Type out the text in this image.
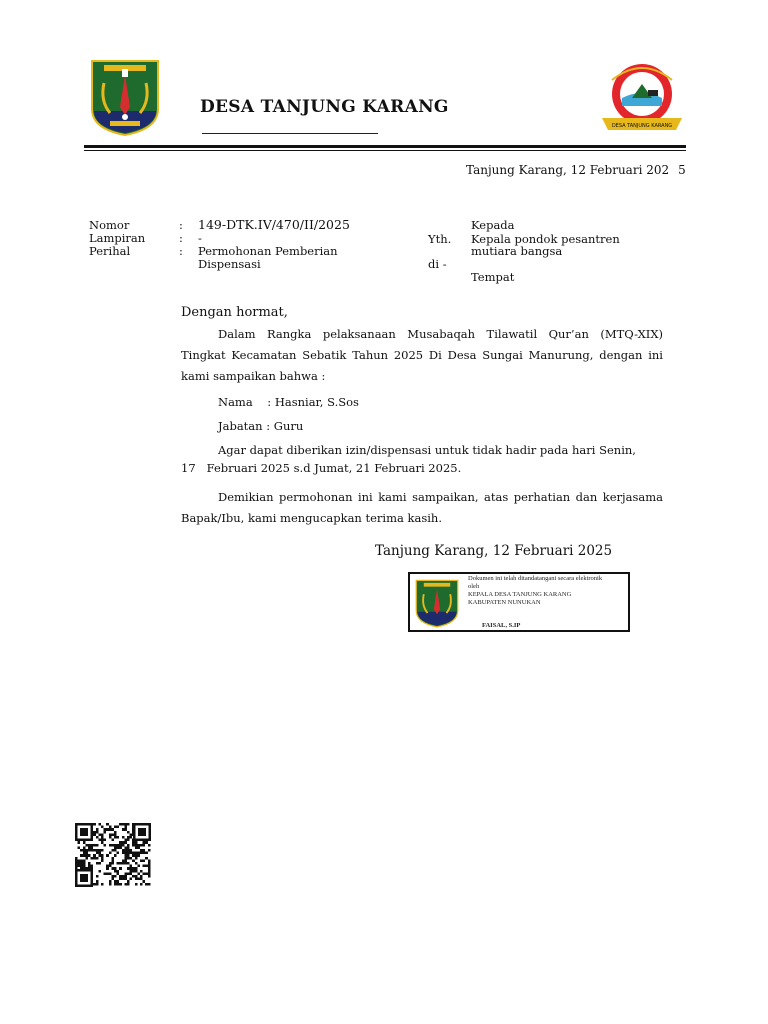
DESA TANJUNG KARANG
DESA TANJUNG KARANG
Tanjung Karang, 12 Februari 202 5
Nomor	: 149-DTK.IV/470/II/2025
Lampiran	: -
Perihal	: Permohonan Pemberian
Dispensasi
Kepada
Yth. Kepala pondok pesantren
mutiara bangsa
di -
Tempat
Dengan hormat,
Dalam Rangka pelaksanaan Musabaqah Tilawatil Qur’an (MTQ-XIX) Tingkat Kecamatan Sebatik Tahun 2025 Di Desa Sungai Manurung, dengan ini kami sampaikan bahwa :
Nama    : Hasniar, S.Sos
Jabatan : Guru
Agar dapat diberikan izin/dispensasi untuk tidak hadir pada hari Senin,
17   Februari 2025 s.d Jumat, 21 Februari 2025.
Demikian permohonan ini kami sampaikan, atas perhatian dan kerjasama Bapak/Ibu, kami mengucapkan terima kasih.
Tanjung Karang, 12 Februari 2025
Dokumen ini telah ditandatangani secara elektronik
oleh
KEPALA DESA TANJUNG KARANG
KABUPATEN NUNUKAN
FAISAL, S.IP
